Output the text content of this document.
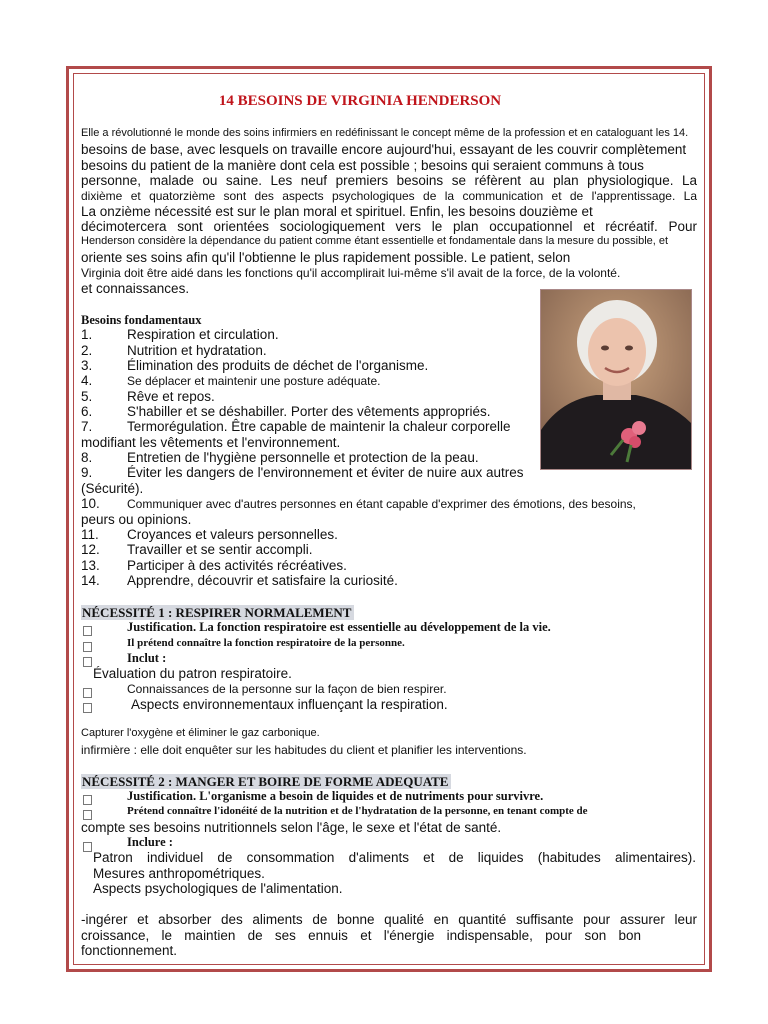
14 BESOINS DE VIRGINIA HENDERSON
Elle a révolutionné le monde des soins infirmiers en redéfinissant le concept même de la profession et en cataloguant les 14.
besoins de base, avec lesquels on travaille encore aujourd'hui, essayant de les couvrir complètement
besoins du patient de la manière dont cela est possible ; besoins qui seraient communs à tous
personne, malade ou saine. Les neuf premiers besoins se réfèrent au plan physiologique. La
dixième et quatorzième sont des aspects psychologiques de la communication et de l'apprentissage. La
La onzième nécessité est sur le plan moral et spirituel. Enfin, les besoins douzième et
décimotercera sont orientées sociologiquement vers le plan occupationnel et récréatif. Pour
Henderson considère la dépendance du patient comme étant essentielle et fondamentale dans la mesure du possible, et
oriente ses soins afin qu'il l'obtienne le plus rapidement possible. Le patient, selon
Virginia doit être aidé dans les fonctions qu'il accomplirait lui-même s'il avait de la force, de la volonté.
et connaissances.
Besoins fondamentaux
1.	Respiration et circulation.
2.	Nutrition et hydratation.
3.	Élimination des produits de déchet de l'organisme.
4.	Se déplacer et maintenir une posture adéquate.
5.	Rêve et repos.
6.	S'habiller et se déshabiller. Porter des vêtements appropriés.
7.	Termorégulation. Être capable de maintenir la chaleur corporelle
modifiant les vêtements et l'environnement.
8.	Entretien de l'hygiène personnelle et protection de la peau.
9.	Éviter les dangers de l'environnement et éviter de nuire aux autres
(Sécurité).
10. Communiquer avec d'autres personnes en étant capable d'exprimer des émotions, des besoins,
peurs ou opinions.
11. Croyances et valeurs personnelles.
12. Travailler et se sentir accompli.
13. Participer à des activités récréatives.
14. Apprendre, découvrir et satisfaire la curiosité.
NÉCESSITÉ 1 : RESPIRER NORMALEMENT
Justification. La fonction respiratoire est essentielle au développement de la vie.
Il prétend connaître la fonction respiratoire de la personne.
Inclut :
Évaluation du patron respiratoire.
Connaissances de la personne sur la façon de bien respirer.
Aspects environnementaux influençant la respiration.
Capturer l'oxygène et éliminer le gaz carbonique.
infirmière : elle doit enquêter sur les habitudes du client et planifier les interventions.
NÉCESSITÉ 2 : MANGER ET BOIRE DE FORME ADEQUATE
Justification. L'organisme a besoin de liquides et de nutriments pour survivre.
Prétend connaître l'idonéité de la nutrition et de l'hydratation de la personne, en tenant compte de
compte ses besoins nutritionnels selon l'âge, le sexe et l'état de santé.
Inclure :
Patron individuel de consommation d'aliments et de liquides (habitudes alimentaires).
Mesures anthropométriques.
Aspects psychologiques de l'alimentation.
-ingérer et absorber des aliments de bonne qualité en quantité suffisante pour assurer leur
croissance, le maintien de ses ennuis et l'énergie indispensable, pour son bon
fonctionnement.
